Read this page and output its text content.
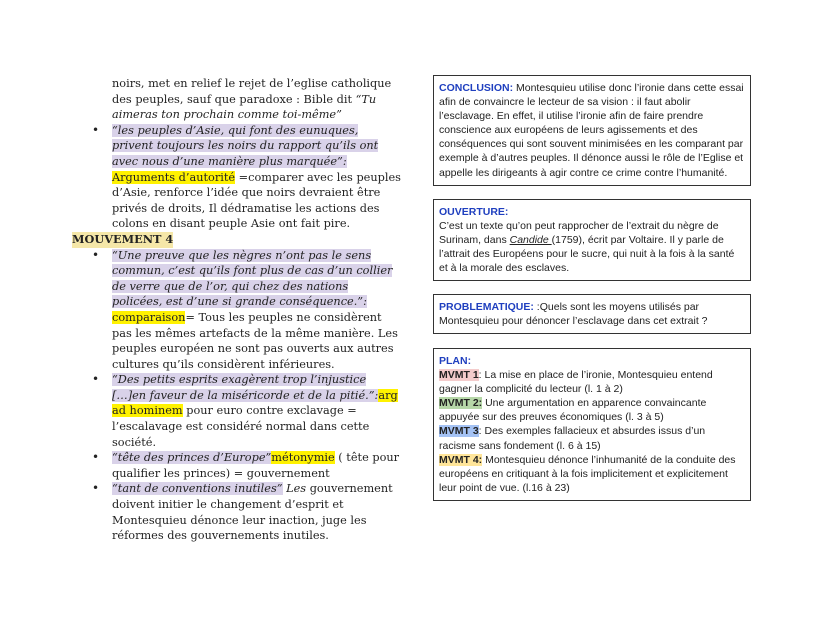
noirs, met en relief le rejet de l’eglise catholique des peuples, sauf que paradoxe : Bible dit “Tu aimeras ton prochain comme toi-même”

• “les peuples d’Asie, qui font des eunuques, privent toujours les noirs du rapport qu’ils ont avec nous d’une manière plus marquée”: Arguments d’autorité =comparer avec les peuples d’Asie, renforce l’idée que noirs devraient être privés de droits, Il dédramatise les actions des colons en disant peuple Asie ont fait pire.

MOUVEMENT 4

• “Une preuve que les nègres n’ont pas le sens commun, c’est qu’ils font plus de cas d’un collier de verre que de l’or, qui chez des nations policées, est d’une si grande conséquence.”: comparaison= Tous les peuples ne considèrent pas les mêmes artefacts de la même manière. Les peuples européen ne sont pas ouverts aux autres cultures qu’ils considèrent inférieures.

• “Des petits esprits exagèrent trop l’injustice […]en faveur de la miséricorde et de la pitié.”:arg ad hominem pour euro contre exclavage = l’escalavage est considéré normal dans cette société.

• “tête des princes d’Europe”métonymie ( tête pour qualifier les princes) = gouvernement

• “tant de conventions inutiles” Les gouvernement doivent initier le changement d’esprit et Montesquieu dénonce leur inaction, juge les réformes des gouvernements inutiles.

CONCLUSION: Montesquieu utilise donc l’ironie dans cette essai afin de convaincre le lecteur de sa vision : il faut abolir l’esclavage. En effet, il utilise l’ironie afin de faire prendre conscience aux européens de leurs agissements et des conséquences qui sont souvent minimisées en les comparant par exemple à d’autres peuples. Il dénonce aussi le rôle de l’Eglise et appelle les dirigeants à agir contre ce crime contre l’humanité.

OUVERTURE:
C’est un texte qu’on peut rapprocher de l’extrait du nègre de Surinam, dans Candide (1759), écrit par Voltaire. Il y parle de l’attrait des Européens pour le sucre, qui nuit à la fois à la santé et à la morale des esclaves.

PROBLEMATIQUE: :Quels sont les moyens utilisés par Montesquieu pour dénoncer l’esclavage dans cet extrait ?

PLAN:

MVMT 1: La mise en place de l’ironie, Montesquieu entend gagner la complicité du lecteur (l. 1 à 2)

MVMT 2: Une argumentation en apparence convaincante appuyée sur des preuves économiques (l. 3 à 5)

MVMT 3: Des exemples fallacieux et absurdes issus d’un racisme sans fondement (l. 6 à 15)

MVMT 4: Montesquieu dénonce l’inhumanité de la conduite des européens en critiquant à la fois implicitement et explicitement leur point de vue. (l.16 à 23)
